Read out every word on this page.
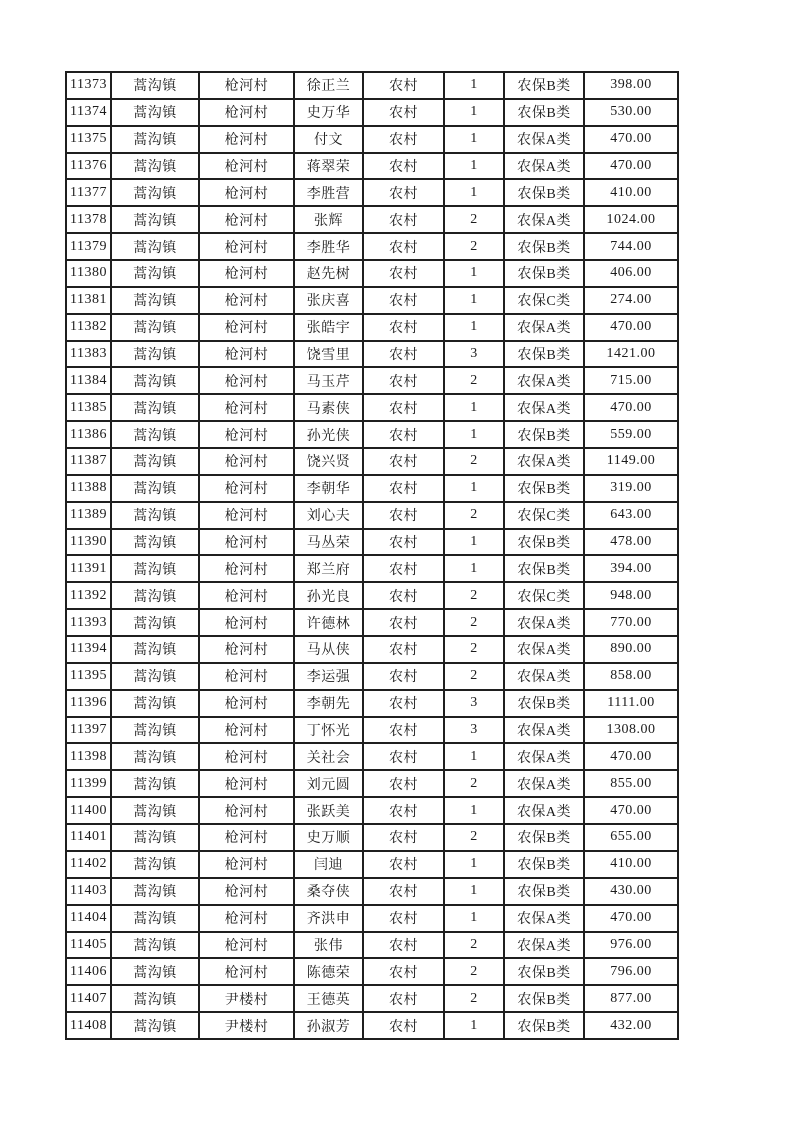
11373	蒿沟镇	枪河村	徐正兰	农村	1	农保B类	398.00
11374	蒿沟镇	枪河村	史万华	农村	1	农保B类	530.00
11375	蒿沟镇	枪河村	付文	农村	1	农保A类	470.00
11376	蒿沟镇	枪河村	蒋翠荣	农村	1	农保A类	470.00
11377	蒿沟镇	枪河村	李胜营	农村	1	农保B类	410.00
11378	蒿沟镇	枪河村	张辉	农村	2	农保A类	1024.00
11379	蒿沟镇	枪河村	李胜华	农村	2	农保B类	744.00
11380	蒿沟镇	枪河村	赵先树	农村	1	农保B类	406.00
11381	蒿沟镇	枪河村	张庆喜	农村	1	农保C类	274.00
11382	蒿沟镇	枪河村	张皓宇	农村	1	农保A类	470.00
11383	蒿沟镇	枪河村	饶雪里	农村	3	农保B类	1421.00
11384	蒿沟镇	枪河村	马玉芹	农村	2	农保A类	715.00
11385	蒿沟镇	枪河村	马素侠	农村	1	农保A类	470.00
11386	蒿沟镇	枪河村	孙光侠	农村	1	农保B类	559.00
11387	蒿沟镇	枪河村	饶兴贤	农村	2	农保A类	1149.00
11388	蒿沟镇	枪河村	李朝华	农村	1	农保B类	319.00
11389	蒿沟镇	枪河村	刘心夫	农村	2	农保C类	643.00
11390	蒿沟镇	枪河村	马丛荣	农村	1	农保B类	478.00
11391	蒿沟镇	枪河村	郑兰府	农村	1	农保B类	394.00
11392	蒿沟镇	枪河村	孙光良	农村	2	农保C类	948.00
11393	蒿沟镇	枪河村	许德林	农村	2	农保A类	770.00
11394	蒿沟镇	枪河村	马从侠	农村	2	农保A类	890.00
11395	蒿沟镇	枪河村	李运强	农村	2	农保A类	858.00
11396	蒿沟镇	枪河村	李朝先	农村	3	农保B类	1111.00
11397	蒿沟镇	枪河村	丁怀光	农村	3	农保A类	1308.00
11398	蒿沟镇	枪河村	关社会	农村	1	农保A类	470.00
11399	蒿沟镇	枪河村	刘元圆	农村	2	农保A类	855.00
11400	蒿沟镇	枪河村	张跃美	农村	1	农保A类	470.00
11401	蒿沟镇	枪河村	史万顺	农村	2	农保B类	655.00
11402	蒿沟镇	枪河村	闫迪	农村	1	农保B类	410.00
11403	蒿沟镇	枪河村	桑夺侠	农村	1	农保B类	430.00
11404	蒿沟镇	枪河村	齐洪申	农村	1	农保A类	470.00
11405	蒿沟镇	枪河村	张伟	农村	2	农保A类	976.00
11406	蒿沟镇	枪河村	陈德荣	农村	2	农保B类	796.00
11407	蒿沟镇	尹楼村	王德英	农村	2	农保B类	877.00
11408	蒿沟镇	尹楼村	孙淑芳	农村	1	农保B类	432.00
